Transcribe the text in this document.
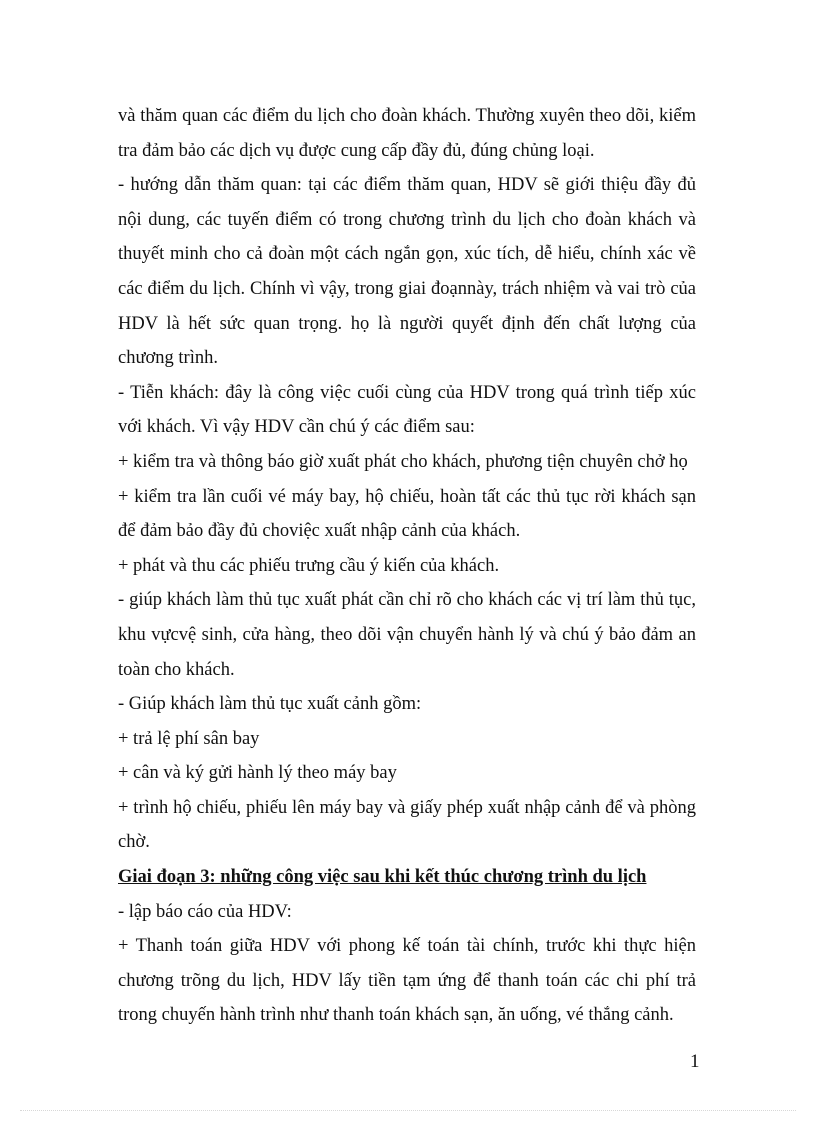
và thăm quan các điểm du lịch cho đoàn khách. Thường xuyên theo dõi, kiểm tra đảm bảo các dịch vụ được cung cấp đầy đủ, đúng chủng loại.

- hướng dẫn thăm quan: tại các điểm thăm quan, HDV sẽ giới thiệu đầy đủ nội dung, các tuyến điểm có trong chương trình du lịch cho đoàn khách và thuyết minh cho cả đoàn một cách ngắn gọn, xúc tích, dễ hiểu, chính xác về các điểm du lịch. Chính vì vậy, trong giai đoạnnày, trách nhiệm và vai trò của HDV là hết sức quan trọng. họ là người quyết định đến chất lượng của chương trình.

- Tiễn khách: đây là công việc cuối cùng của HDV trong quá trình tiếp xúc với khách. Vì vậy HDV cần chú ý các điểm sau:

+ kiểm tra và thông báo giờ xuất phát cho khách, phương tiện chuyên chở họ

+ kiểm tra lần cuối vé máy bay, hộ chiếu, hoàn tất các thủ tục rời khách sạn để đảm bảo đầy đủ choviệc xuất nhập cảnh của khách.

+ phát và thu các phiếu trưng cầu ý kiến của khách.

- giúp khách làm thủ tục xuất phát cần chỉ rõ cho khách các vị trí làm thủ tục, khu vựcvệ sinh, cửa hàng, theo dõi vận chuyển hành lý và chú ý bảo đảm an toàn cho khách.

- Giúp khách làm thủ tục xuất cảnh gồm:

+ trả lệ phí sân bay

+ cân và ký gửi hành lý theo máy bay

+ trình hộ chiếu, phiếu lên máy bay và giấy phép xuất nhập cảnh để và phòng chờ.

Giai đoạn 3: những công việc sau khi kết thúc chương trình du lịch

- lập báo cáo của HDV:

+ Thanh toán giữa HDV với phong kế toán tài chính, trước khi thực hiện chương trõng du lịch, HDV lấy tiền tạm ứng để thanh toán các chi phí trả trong chuyến hành trình như thanh toán khách sạn, ăn uống, vé thắng cảnh.

1
